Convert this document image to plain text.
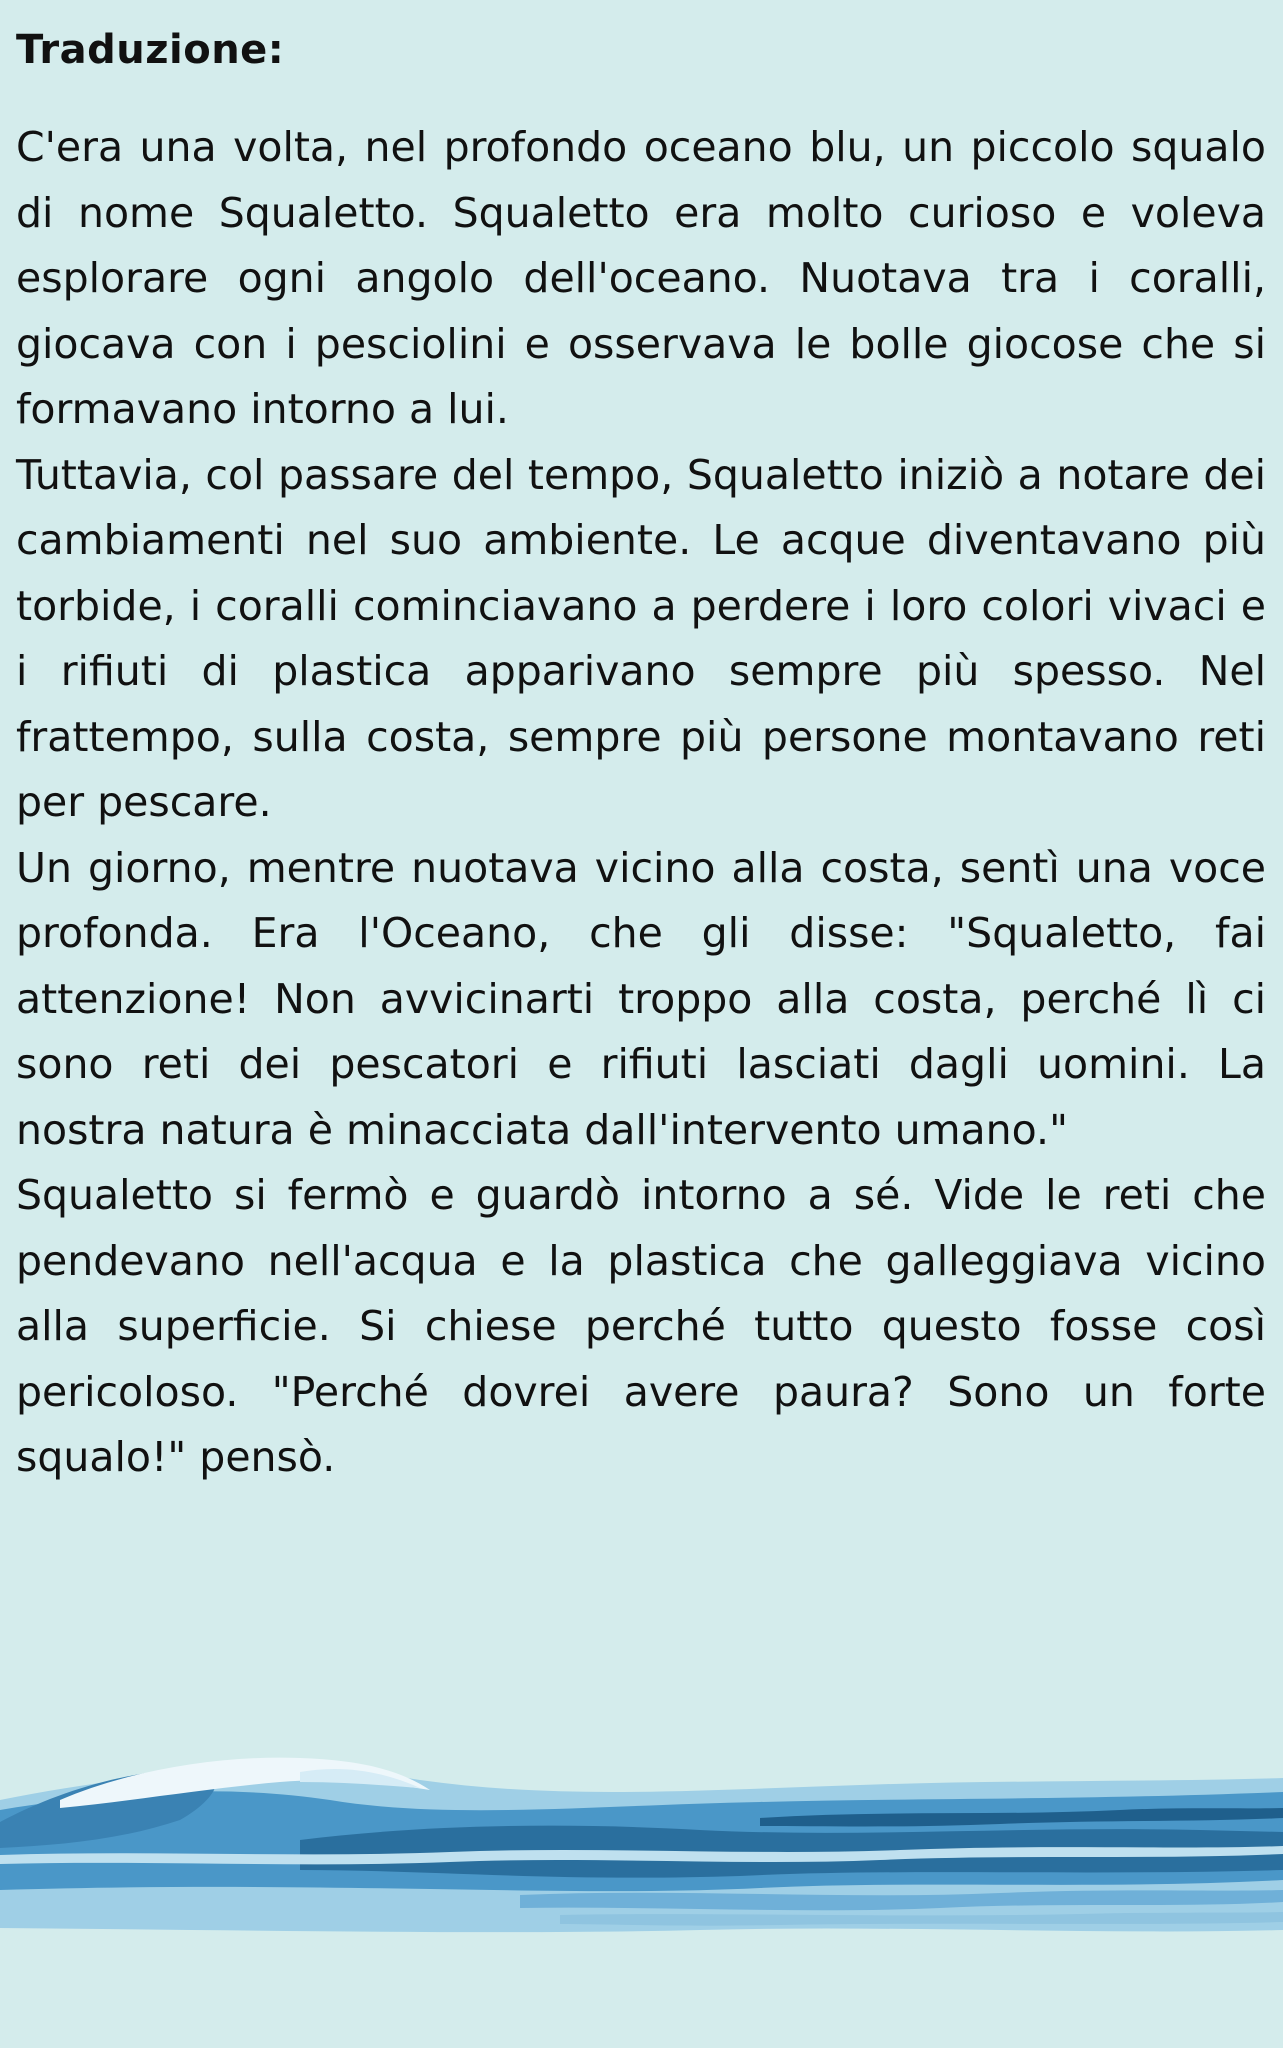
Traduzione:

C'era una volta, nel profondo oceano blu, un piccolo squalo di nome Squaletto. Squaletto era molto curioso e voleva esplorare ogni angolo dell'oceano. Nuotava tra i coralli, giocava con i pesciolini e osservava le bolle giocose che si formavano intorno a lui.

Tuttavia, col passare del tempo, Squaletto iniziò a notare dei cambiamenti nel suo ambiente. Le acque diventavano più torbide, i coralli cominciavano a perdere i loro colori vivaci e i rifiuti di plastica apparivano sempre più spesso. Nel frattempo, sulla costa, sempre più persone montavano reti per pescare.

Un giorno, mentre nuotava vicino alla costa, sentì una voce profonda. Era l'Oceano, che gli disse: "Squaletto, fai attenzione! Non avvicinarti troppo alla costa, perché lì ci sono reti dei pescatori e rifiuti lasciati dagli uomini. La nostra natura è minacciata dall'intervento umano."

Squaletto si fermò e guardò intorno a sé. Vide le reti che pendevano nell'acqua e la plastica che galleggiava vicino alla superficie. Si chiese perché tutto questo fosse così pericoloso. "Perché dovrei avere paura? Sono un forte squalo!" pensò.
